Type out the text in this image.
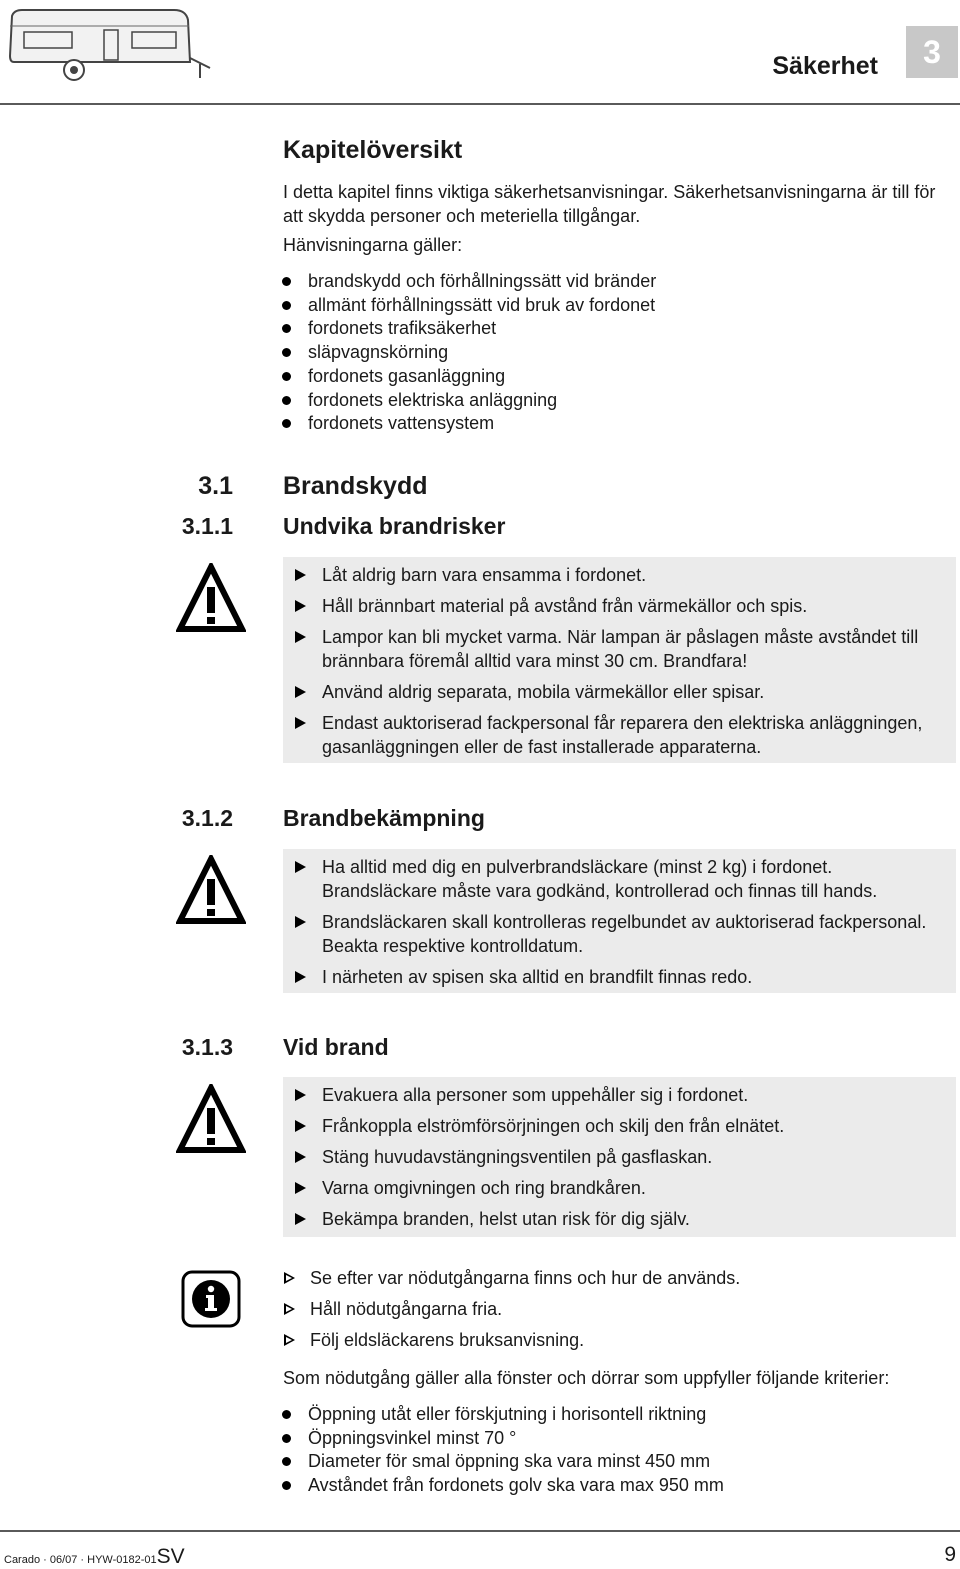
Säkerhet	3
Kapitelöversikt
I detta kapitel finns viktiga säkerhetsanvisningar. Säkerhetsanvisningarna är till för att skydda personer och meteriella tillgångar.
Hänvisningarna gäller:
brandskydd och förhållningssätt vid bränder
allmänt förhållningssätt vid bruk av fordonet
fordonets trafiksäkerhet
släpvagnskörning
fordonets gasanläggning
fordonets elektriska anläggning
fordonets vattensystem
3.1 Brandskydd
3.1.1 Undvika brandrisker
Låt aldrig barn vara ensamma i fordonet.
Håll brännbart material på avstånd från värmekällor och spis.
Lampor kan bli mycket varma. När lampan är påslagen måste avståndet till brännbara föremål alltid vara minst 30 cm. Brandfara!
Använd aldrig separata, mobila värmekällor eller spisar.
Endast auktoriserad fackpersonal får reparera den elektriska anläggningen, gasanläggningen eller de fast installerade apparaterna.
3.1.2 Brandbekämpning
Ha alltid med dig en pulverbrandsläckare (minst 2 kg) i fordonet. Brandsläckare måste vara godkänd, kontrollerad och finnas till hands.
Brandsläckaren skall kontrolleras regelbundet av auktoriserad fackpersonal. Beakta respektive kontrolldatum.
I närheten av spisen ska alltid en brandfilt finnas redo.
3.1.3 Vid brand
Evakuera alla personer som uppehåller sig i fordonet.
Frånkoppla elströmförsörjningen och skilj den från elnätet.
Stäng huvudavstängningsventilen på gasflaskan.
Varna omgivningen och ring brandkåren.
Bekämpa branden, helst utan risk för dig själv.
Se efter var nödutgångarna finns och hur de används.
Håll nödutgångarna fria.
Följ eldsläckarens bruksanvisning.
Som nödutgång gäller alla fönster och dörrar som uppfyller följande kriterier:
Öppning utåt eller förskjutning i horisontell riktning
Öppningsvinkel minst 70 °
Diameter för smal öppning ska vara minst 450 mm
Avståndet från fordonets golv ska vara max 950 mm
Carado · 06/07 · HYW-0182-01SV	9
